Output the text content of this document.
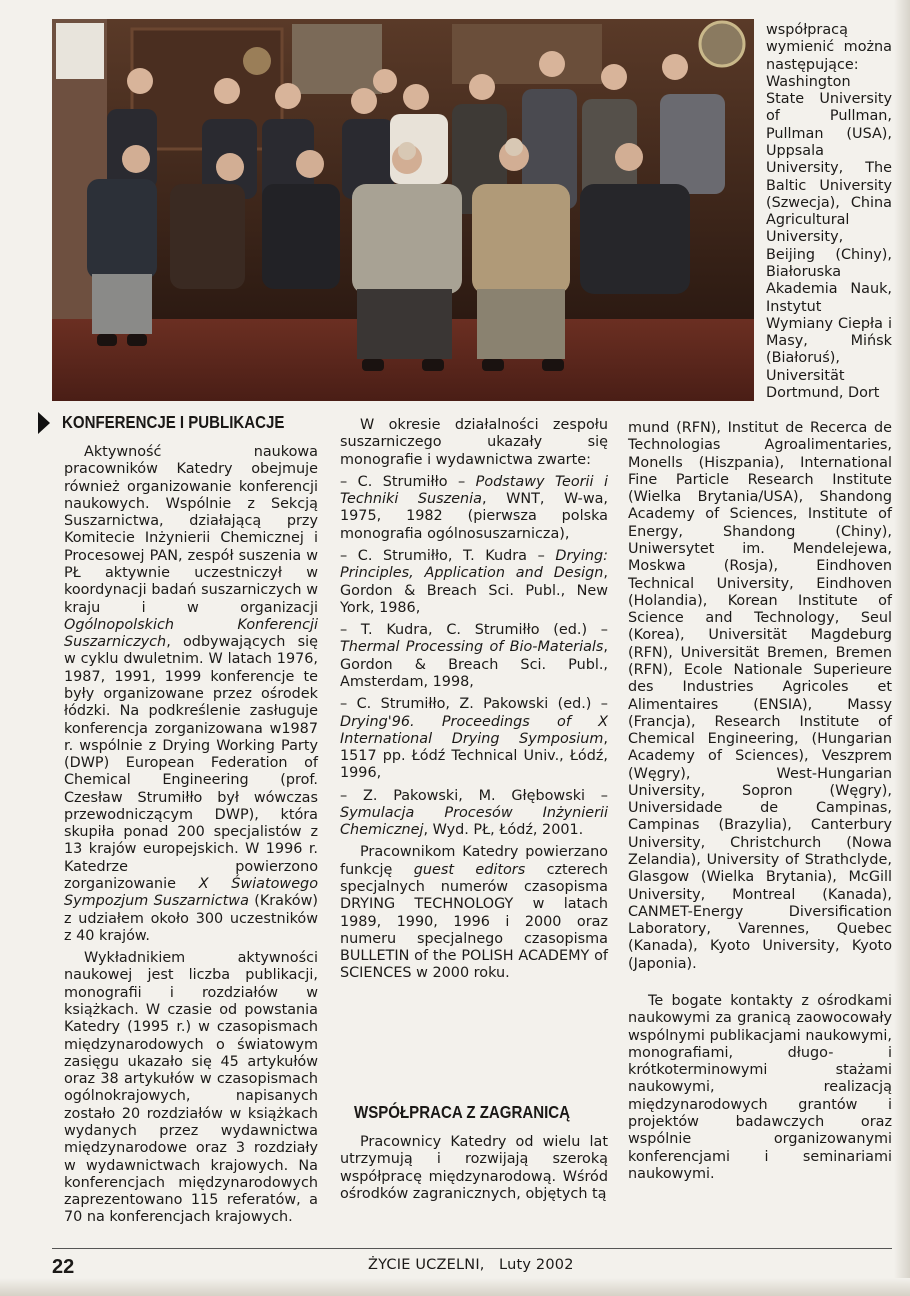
KONFERENCJE I PUBLIKACJE

Aktywność naukowa pracowników Katedry obejmuje również organizowanie konferencji naukowych. Wspólnie z Sekcją Suszarnictwa, działającą przy Komitecie Inżynierii Chemicznej i Procesowej PAN, zespół suszenia w PŁ aktywnie uczestniczył w koordynacji badań suszarniczych w kraju i w organizacji Ogólnopolskich Konferencji Suszarniczych, odbywających się w cyklu dwuletnim. W latach 1976, 1987, 1991, 1999 konferencje te były organizowane przez ośrodek łódzki. Na podkreślenie zasługuje konferencja zorganizowana w1987 r. wspólnie z Drying Working Party (DWP) European Federation of Chemical Engineering (prof. Czesław Strumiłło był wówczas przewodniczącym DWP), która skupiła ponad 200 specjalistów z 13 krajów europejskich. W 1996 r. Katedrze powierzono zorganizowanie X Światowego Sympozjum Suszarnictwa (Kraków) z udziałem około 300 uczestników z 40 krajów.

Wykładnikiem aktywności naukowej jest liczba publikacji, monografii i rozdziałów w książkach. W czasie od powstania Katedry (1995 r.) w czasopismach międzynarodowych o światowym zasięgu ukazało się 45 artykułów oraz 38 artykułów w czasopismach ogólnokrajowych, napisanych zostało 20 rozdziałów w książkach wydanych przez wydawnictwa międzynarodowe oraz 3 rozdziały w wydawnictwach krajowych. Na konferencjach międzynarodowych zaprezentowano 115 referatów, a 70 na konferencjach krajowych.

W okresie działalności zespołu suszarniczego ukazały się monografie i wydawnictwa zwarte:

– C. Strumiłło – Podstawy Teorii i Techniki Suszenia, WNT, W-wa, 1975, 1982 (pierwsza polska monografia ogólnosuszarnicza),

– C. Strumiłło, T. Kudra – Drying: Principles, Application and Design, Gordon & Breach Sci. Publ., New York, 1986,

– T. Kudra, C. Strumiłło (ed.) – Thermal Processing of Bio-Materials, Gordon & Breach Sci. Publ., Amsterdam, 1998,

– C. Strumiłło, Z. Pakowski (ed.) – Drying'96. Proceedings of X International Drying Symposium, 1517 pp. Łódź Technical Univ., Łódź, 1996,

– Z. Pakowski, M. Głębowski – Symulacja Procesów Inżynierii Chemicznej, Wyd. PŁ, Łódź, 2001.

Pracownikom Katedry powierzano funkcję guest editors czterech specjalnych numerów czasopisma DRYING TECHNOLOGY w latach 1989, 1990, 1996 i 2000 oraz numeru specjalnego czasopisma BULLETIN of the POLISH ACADEMY of SCIENCES w 2000 roku.

WSPÓŁPRACA Z ZAGRANICĄ

Pracownicy Katedry od wielu lat utrzymują i rozwijają szeroką współpracę międzynarodową. Wśród ośrodków zagranicznych, objętych tą

współpracą wymienić można następujące: Washington State University of Pullman, Pullman (USA), Uppsala University, The Baltic University (Szwecja), China Agricultural University, Beijing (Chiny), Białoruska Akademia Nauk, Instytut Wymiany Ciepła i Masy, Mińsk (Białoruś), Universität Dortmund, Dort

mund (RFN), Institut de Recerca de Technologias Agroalimentaries, Monells (Hiszpania), International Fine Particle Research Institute (Wielka Brytania/USA), Shandong Academy of Sciences, Institute of Energy, Shandong (Chiny), Uniwersytet im. Mendelejewa, Moskwa (Rosja), Eindhoven Technical University, Eindhoven (Holandia), Korean Institute of Science and Technology, Seul (Korea), Universität Magdeburg (RFN), Universität Bremen, Bremen (RFN), Ecole Nationale Superieure des Industries Agricoles et Alimentaires (ENSIA), Massy (Francja), Research Institute of Chemical Engineering, (Hungarian Academy of Sciences), Veszprem (Węgry), West-Hungarian University, Sopron (Węgry), Universidade de Campinas, Campinas (Brazylia), Canterbury University, Christchurch (Nowa Zelandia), University of Strathclyde, Glasgow (Wielka Brytania), McGill University, Montreal (Kanada), CANMET-Energy Diversification Laboratory, Varennes, Quebec (Kanada), Kyoto University, Kyoto (Japonia).

Te bogate kontakty z ośrodkami naukowymi za granicą zaowocowały wspólnymi publikacjami naukowymi, monografiami, długo- i krótkoterminowymi stażami naukowymi, realizacją międzynarodowych grantów i projektów badawczych oraz wspólnie organizowanymi konferencjami i seminariami naukowymi.

22	ŻYCIE UCZELNI,   Luty 2002
